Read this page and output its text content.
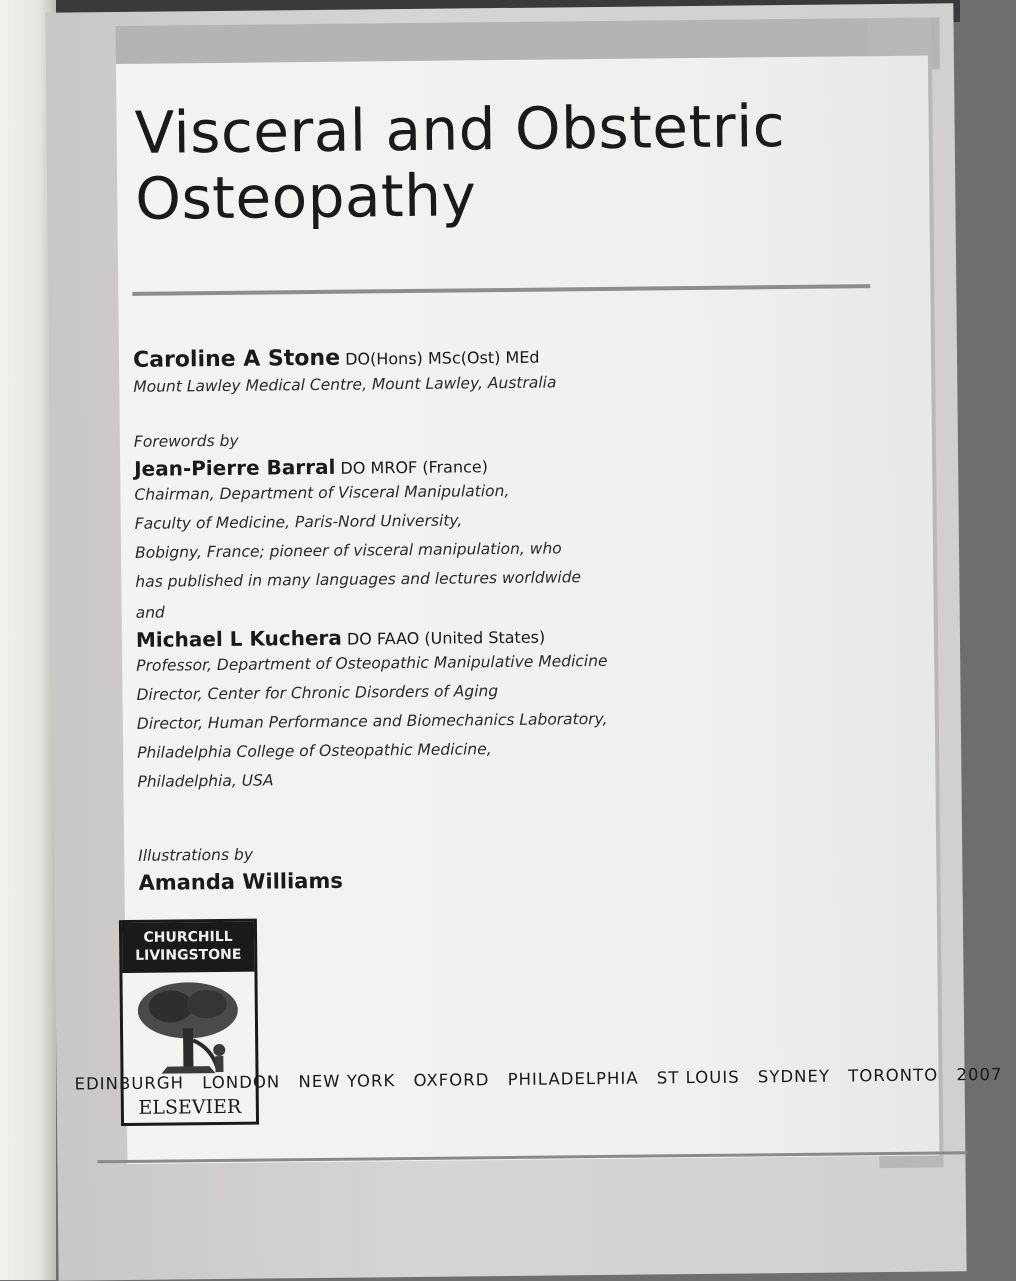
Visceral and Obstetric
Osteopathy
Caroline A Stone DO(Hons) MSc(Ost) MEd
Mount Lawley Medical Centre, Mount Lawley, Australia
Forewords by
Jean-Pierre Barral DO MROF (France)
Chairman, Department of Visceral Manipulation,
Faculty of Medicine, Paris-Nord University,
Bobigny, France; pioneer of visceral manipulation, who
has published in many languages and lectures worldwide
and
Michael L Kuchera DO FAAO (United States)
Professor, Department of Osteopathic Manipulative Medicine
Director, Center for Chronic Disorders of Aging
Director, Human Performance and Biomechanics Laboratory,
Philadelphia College of Osteopathic Medicine,
Philadelphia, USA
Illustrations by
Amanda Williams
CHURCHILL
LIVINGSTONE
ELSEVIER
EDINBURGH LONDON NEW YORK OXFORD PHILADELPHIA ST LOUIS SYDNEY TORONTO 2007
